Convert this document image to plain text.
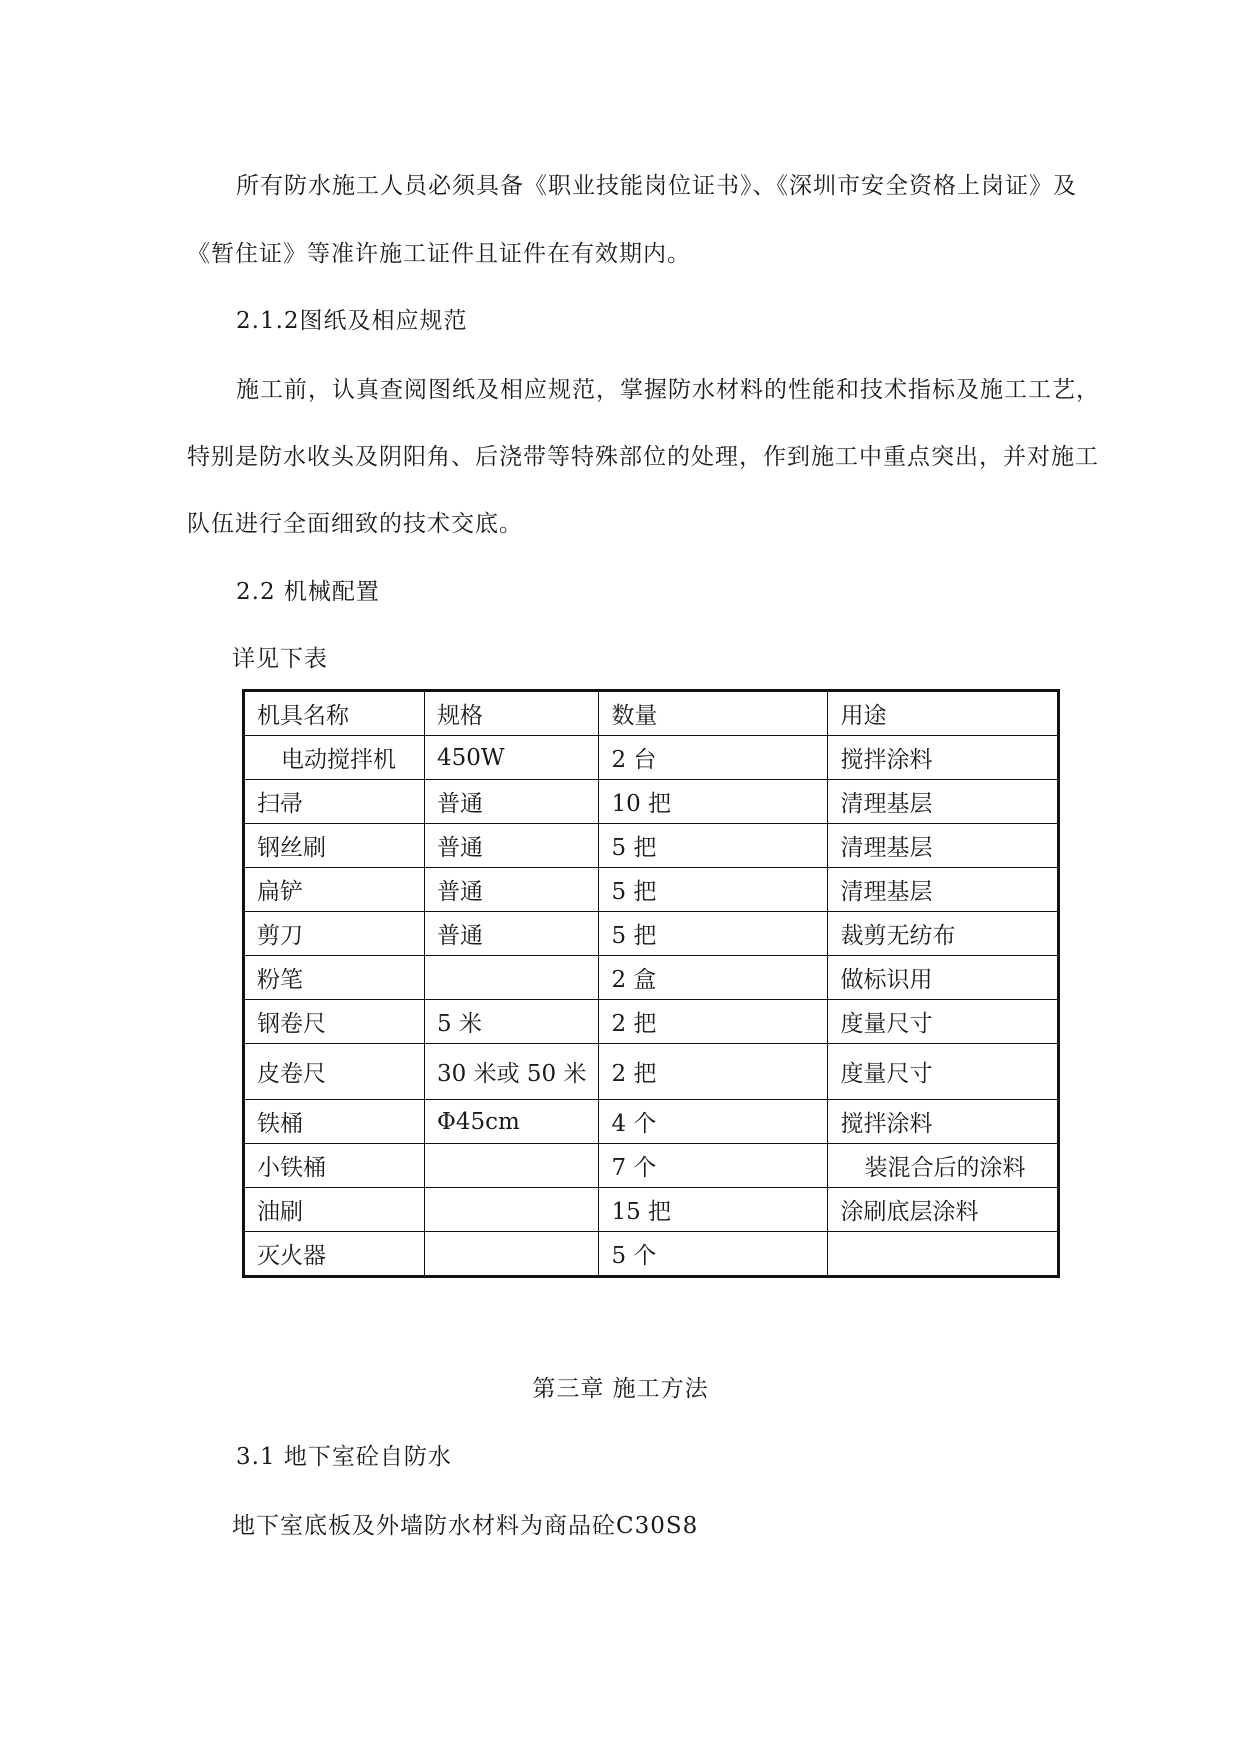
所有防水施工人员必须具备《职业技能岗位证书》、《深圳市安全资格上岗证》及
《暂住证》等准许施工证件且证件在有效期内。
2.1.2图纸及相应规范
施工前，认真查阅图纸及相应规范，掌握防水材料的性能和技术指标及施工工艺，
特别是防水收头及阴阳角、后浇带等特殊部位的处理，作到施工中重点突出，并对施工
队伍进行全面细致的技术交底。
2.2 机械配置
详见下表
机具名称	规格	数量	用途
电动搅拌机	450W	2 台	搅拌涂料
扫帚	普通	10 把	清理基层
钢丝刷	普通	5 把	清理基层
扁铲	普通	5 把	清理基层
剪刀	普通	5 把	裁剪无纺布
粉笔		2 盒	做标识用
钢卷尺	5 米	2 把	度量尺寸
皮卷尺	30 米或 50 米	2 把	度量尺寸
铁桶	Φ45cm	4 个	搅拌涂料
小铁桶		7 个	装混合后的涂料
油刷		15 把	涂刷底层涂料
灭火器		5 个	
第三章 施工方法
3.1 地下室砼自防水
地下室底板及外墙防水材料为商品砼C30S8
